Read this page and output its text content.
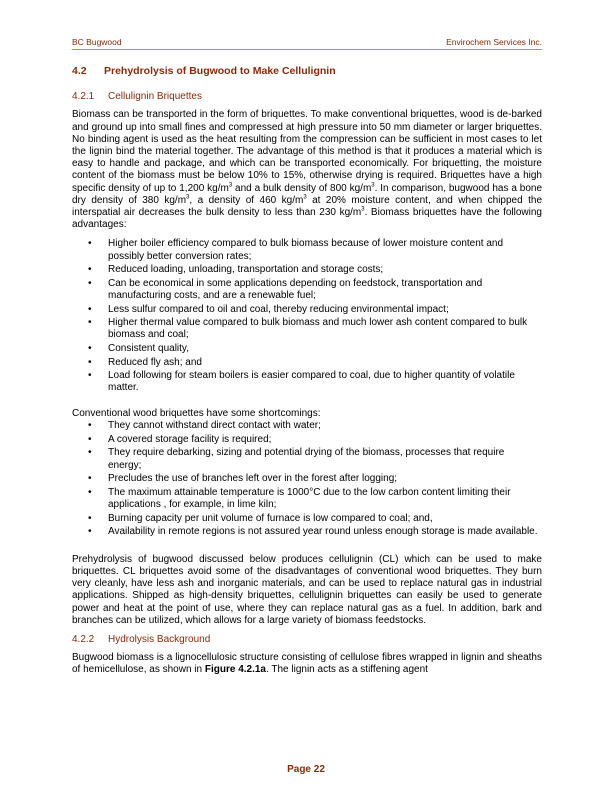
BC Bugwood	Envirochem Services Inc.
4.2	Prehydrolysis of Bugwood to Make Cellulignin
4.2.1	Cellulignin Briquettes

Biomass can be transported in the form of briquettes. To make conventional briquettes, wood is de-barked and ground up into small fines and compressed at high pressure into 50 mm diameter or larger briquettes. No binding agent is used as the heat resulting from the compression can be sufficient in most cases to let the lignin bind the material together. The advantage of this method is that it produces a material which is easy to handle and package, and which can be transported economically. For briquetting, the moisture content of the biomass must be below 10% to 15%, otherwise drying is required. Briquettes have a high specific density of up to 1,200 $kg/m^3$ and a bulk density of 800 $kg/m^3$. In comparison, bugwood has a bone dry density of 380 $kg/m^3$, a density of 460 $kg/m^3$ at 20% moisture content, and when chipped the interspatial air decreases the bulk density to less than 230 $kg/m^3$. Biomass briquettes have the following advantages:

• Higher boiler efficiency compared to bulk biomass because of lower moisture content and possibly better conversion rates;
• Reduced loading, unloading, transportation and storage costs;
• Can be economical in some applications depending on feedstock, transportation and manufacturing costs, and are a renewable fuel;
• Less sulfur compared to oil and coal, thereby reducing environmental impact;
• Higher thermal value compared to bulk biomass and much lower ash content compared to bulk biomass and coal;
• Consistent quality,
• Reduced fly ash; and
• Load following for steam boilers is easier compared to coal, due to higher quantity of volatile matter.

Conventional wood briquettes have some shortcomings:

• They cannot withstand direct contact with water;
• A covered storage facility is required;
• They require debarking, sizing and potential drying of the biomass, processes that require energy;
• Precludes the use of branches left over in the forest after logging;
• The maximum attainable temperature is 1000°C due to the low carbon content limiting their applications , for example, in lime kiln;
• Burning capacity per unit volume of furnace is low compared to coal; and,
• Availability in remote regions is not assured year round unless enough storage is made available.

Prehydrolysis of bugwood discussed below produces cellulignin (CL) which can be used to make briquettes. CL briquettes avoid some of the disadvantages of conventional wood briquettes. They burn very cleanly, have less ash and inorganic materials, and can be used to replace natural gas in industrial applications. Shipped as high-density briquettes, cellulignin briquettes can easily be used to generate power and heat at the point of use, where they can replace natural gas as a fuel. In addition, bark and branches can be utilized, which allows for a large variety of biomass feedstocks.

4.2.2	Hydrolysis Background

Bugwood biomass is a lignocellulosic structure consisting of cellulose fibres wrapped in lignin and sheaths of hemicellulose, as shown in Figure 4.2.1a. The lignin acts as a stiffening agent

Page 22
